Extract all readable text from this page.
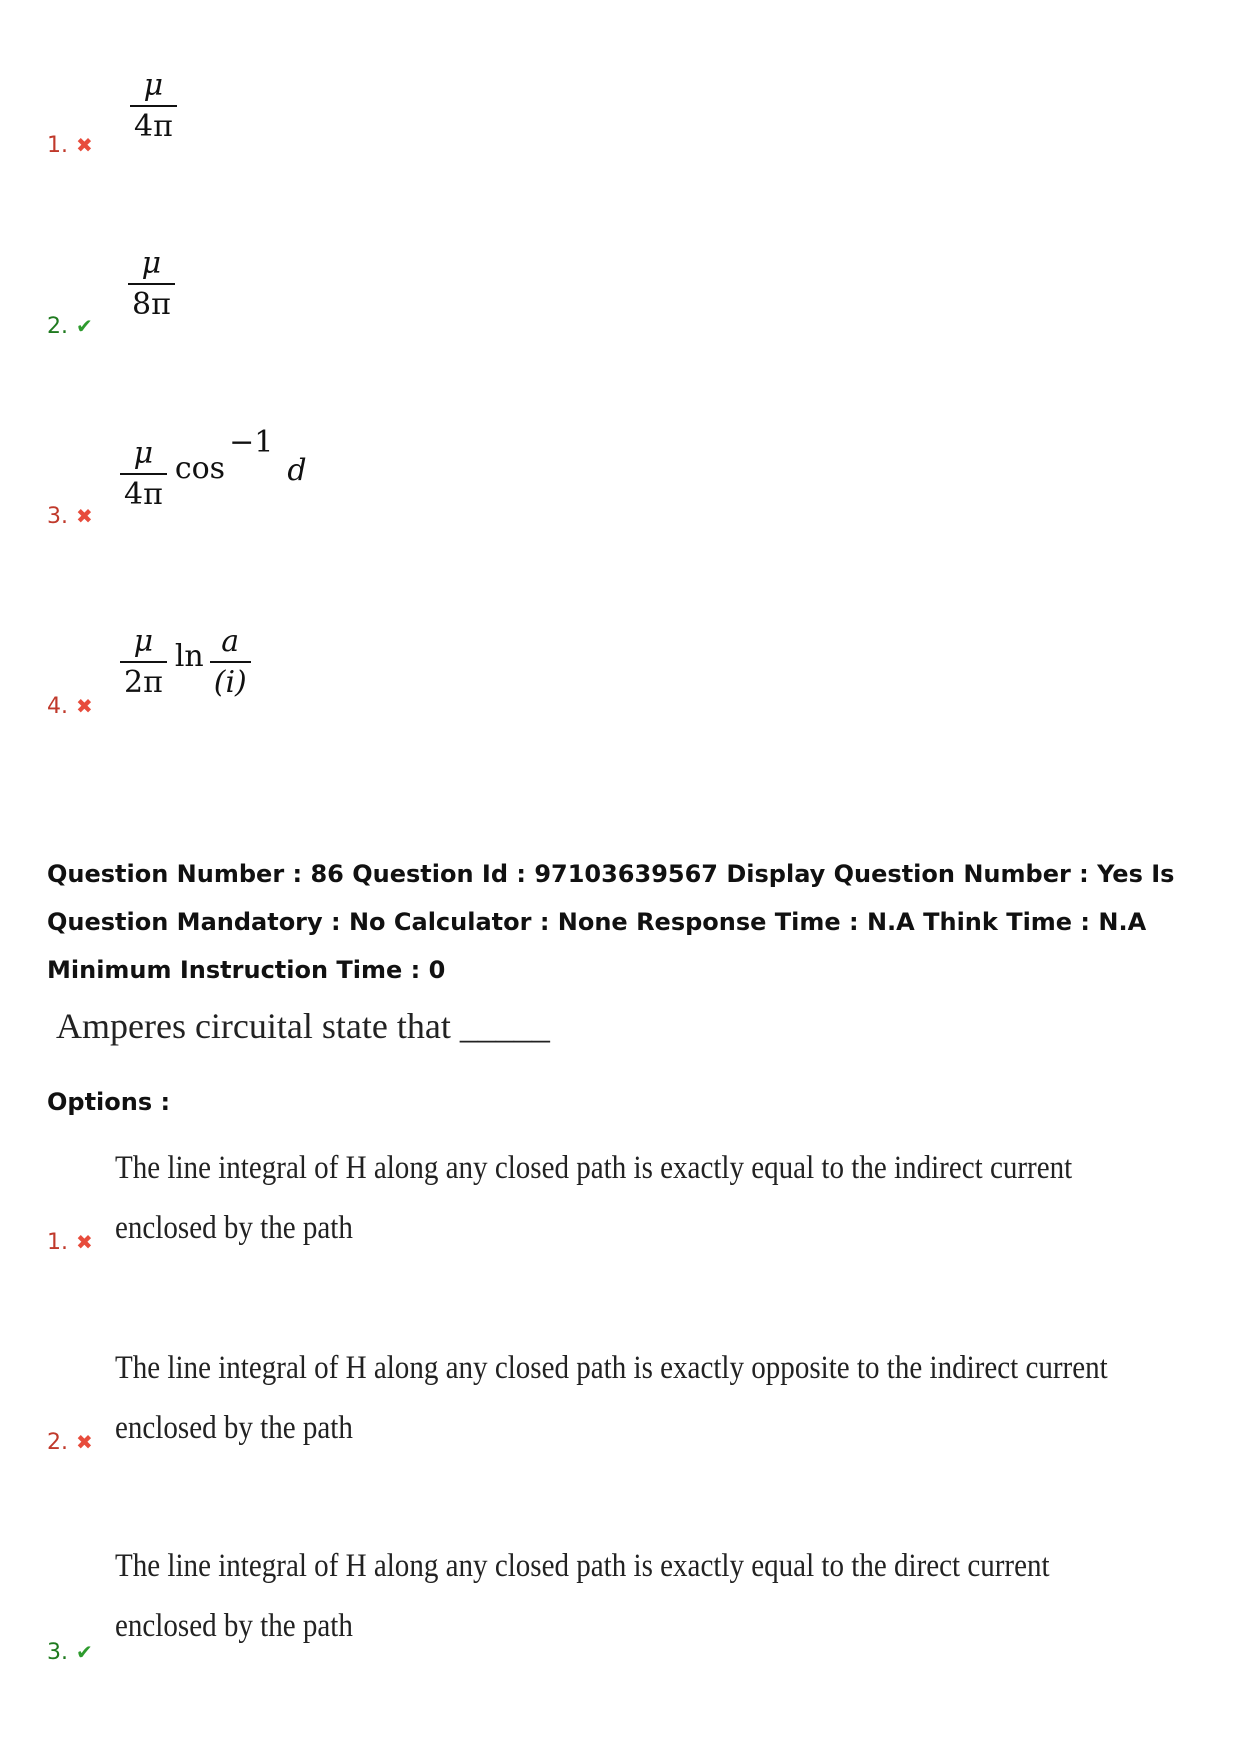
1. ✖
$\frac{\mu}{4\pi}$
2. ✔
$\frac{\mu}{8\pi}$
3. ✖
$\frac{\mu}{4\pi}$ cos
−1
d
4. ✖
$\frac{\mu}{2\pi}$ $\ln \frac{a}{(i)}$
Question Number : 86 Question Id : 97103639567 Display Question Number : Yes Is Question Mandatory : No Calculator : None Response Time : N.A Think Time : N.A Minimum Instruction Time : 0
Amperes circuital state that _____
Options :
The line integral of H along any closed path is exactly equal to the indirect current
enclosed by the path
1. ✖
The line integral of H along any closed path is exactly opposite to the indirect current
enclosed by the path
2. ✖
The line integral of H along any closed path is exactly equal to the direct current
enclosed by the path
3. ✔
